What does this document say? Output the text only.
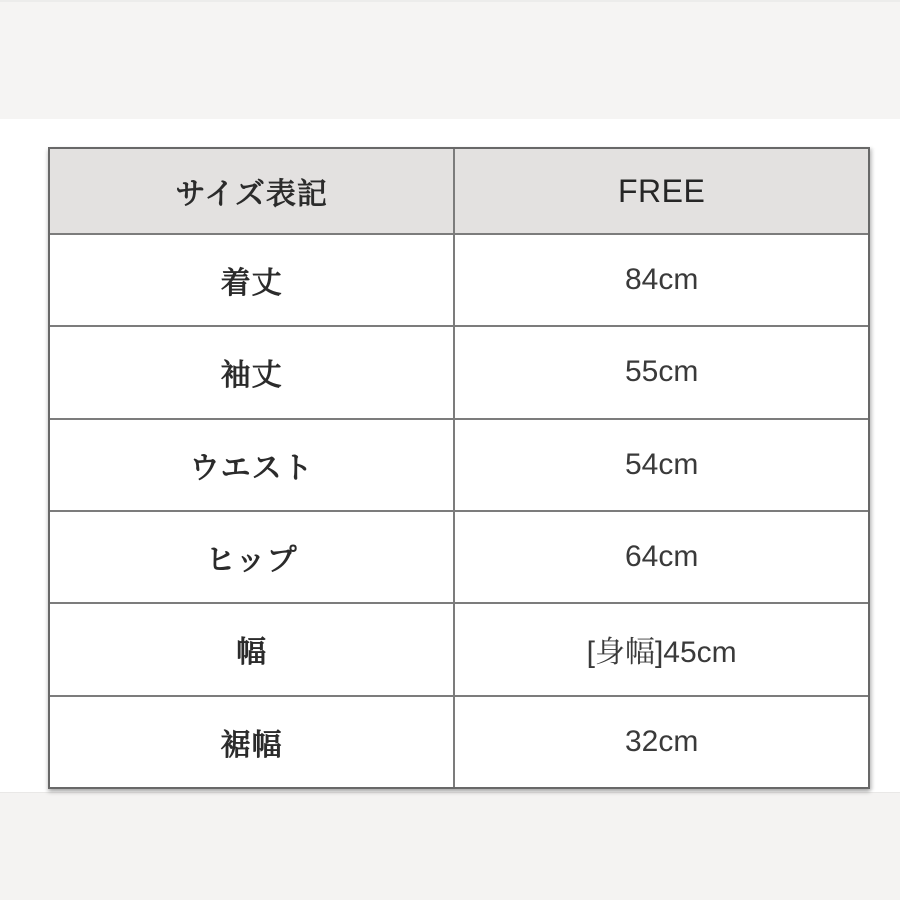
サイズ表記	FREE
着丈	84cm
袖丈	55cm
ウエスト	54cm
ヒップ	64cm
幅	[身幅]45cm
裾幅	32cm
